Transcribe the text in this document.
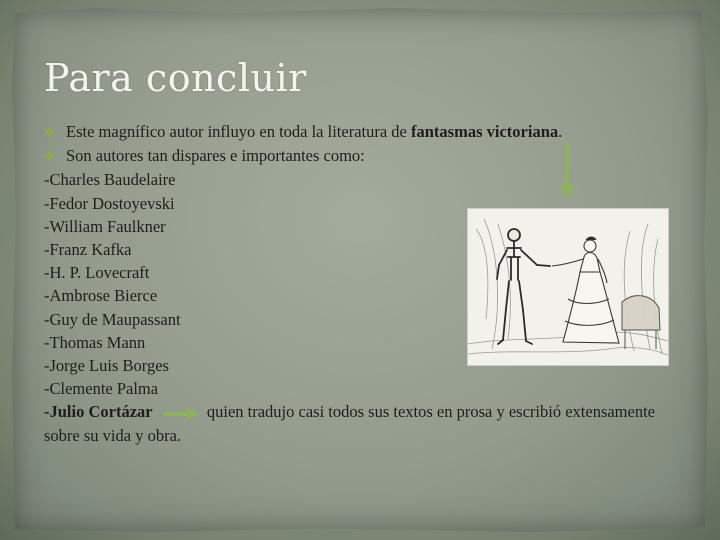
Para concluir
❖ Este magnífico autor influyo en toda la literatura de fantasmas victoriana.
❖ Son autores tan dispares e importantes como:
-Charles Baudelaire
-Fedor Dostoyevski
-William Faulkner
-Franz Kafka
-H. P. Lovecraft
-Ambrose Bierce
-Guy de Maupassant
-Thomas Mann
-Jorge Luis Borges
-Clemente Palma
-Julio Cortázar	quien tradujo casi todos sus textos en prosa y escribió extensamente sobre su vida y obra.
